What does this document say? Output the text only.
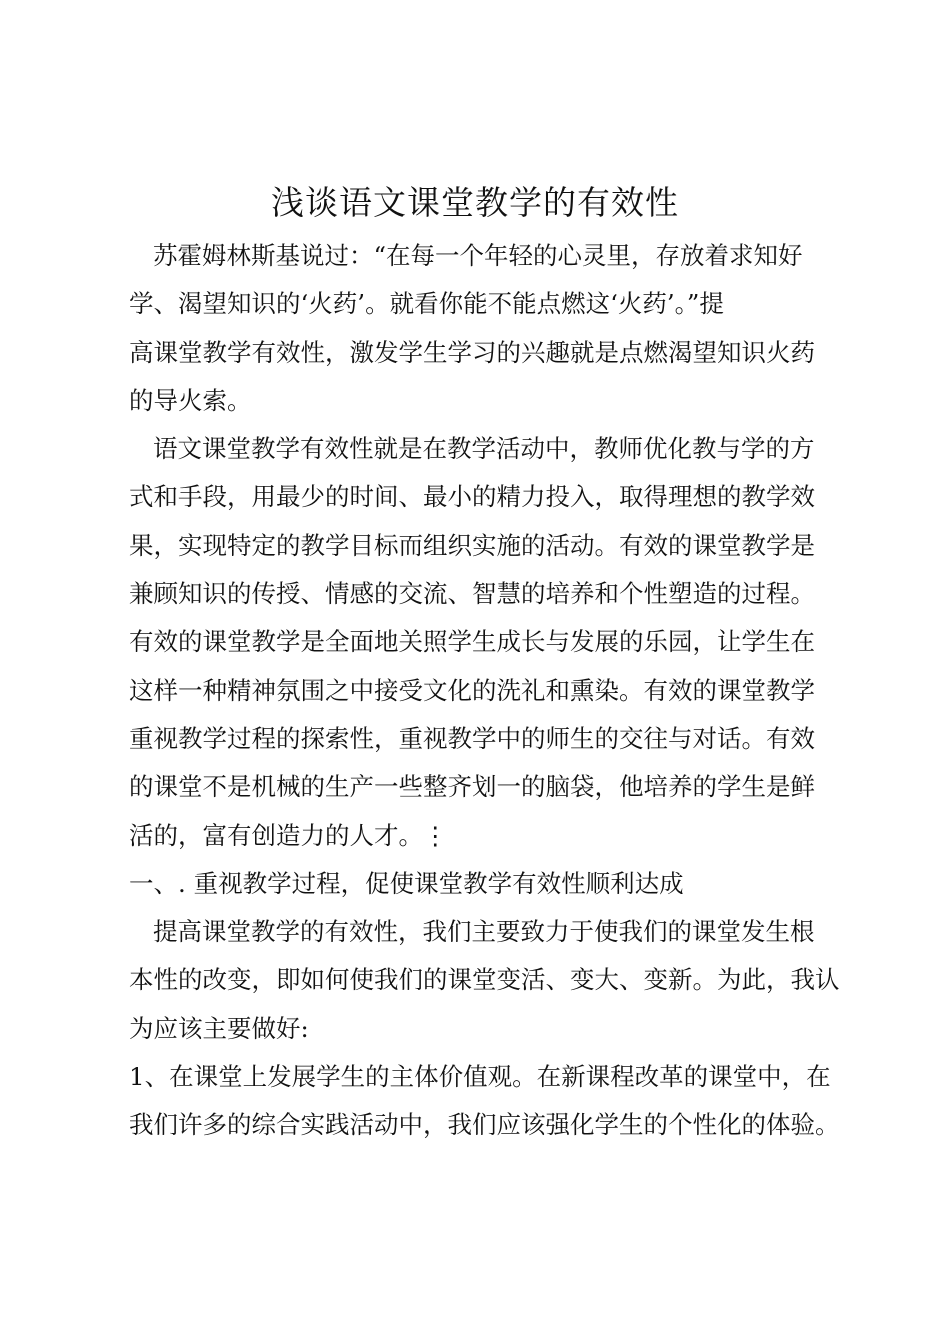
浅谈语文课堂教学的有效性
苏霍姆林斯基说过：“在每一个年轻的心灵里，存放着求知好
学、渴望知识的‘火药’。就看你能不能点燃这‘火药’。”提
高课堂教学有效性，激发学生学习的兴趣就是点燃渴望知识火药
的导火索。
语文课堂教学有效性就是在教学活动中，教师优化教与学的方
式和手段，用最少的时间、最小的精力投入，取得理想的教学效
果，实现特定的教学目标而组织实施的活动。有效的课堂教学是
兼顾知识的传授、情感的交流、智慧的培养和个性塑造的过程。
有效的课堂教学是全面地关照学生成长与发展的乐园，让学生在
这样一种精神氛围之中接受文化的洗礼和熏染。有效的课堂教学
重视教学过程的探索性，重视教学中的师生的交往与对话。有效
的课堂不是机械的生产一些整齐划一的脑袋，他培养的学生是鲜
活的，富有创造力的人才。⋮
一、. 重视教学过程，促使课堂教学有效性顺利达成
提高课堂教学的有效性，我们主要致力于使我们的课堂发生根
本性的改变，即如何使我们的课堂变活、变大、变新。为此，我认
为应该主要做好:
1、在课堂上发展学生的主体价值观。在新课程改革的课堂中，在
我们许多的综合实践活动中，我们应该强化学生的个性化的体验。
